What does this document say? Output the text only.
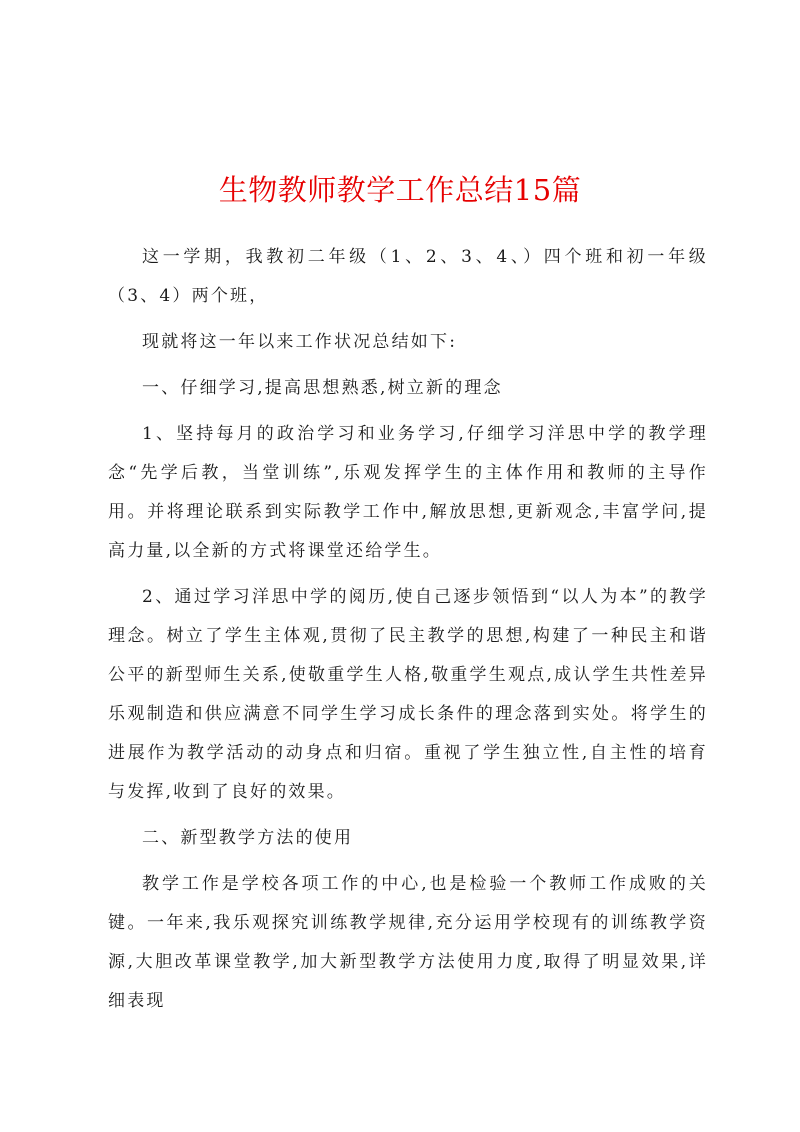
生物教师教学工作总结15篇

这一学期，我教初二年级（1、2、3、4、）四个班和初一年级（3、4）两个班，

现就将这一年以来工作状况总结如下:

一、仔细学习,提高思想熟悉,树立新的理念

1、坚持每月的政治学习和业务学习,仔细学习洋思中学的教学理念“先学后教，当堂训练”,乐观发挥学生的主体作用和教师的主导作用。并将理论联系到实际教学工作中,解放思想,更新观念,丰富学问,提高力量,以全新的方式将课堂还给学生。

2、通过学习洋思中学的阅历,使自己逐步领悟到“以人为本”的教学理念。树立了学生主体观,贯彻了民主教学的思想,构建了一种民主和谐公平的新型师生关系,使敬重学生人格,敬重学生观点,成认学生共性差异乐观制造和供应满意不同学生学习成长条件的理念落到实处。将学生的进展作为教学活动的动身点和归宿。重视了学生独立性,自主性的培育与发挥,收到了良好的效果。

二、新型教学方法的使用

教学工作是学校各项工作的中心,也是检验一个教师工作成败的关键。一年来,我乐观探究训练教学规律,充分运用学校现有的训练教学资源,大胆改革课堂教学,加大新型教学方法使用力度,取得了明显效果,详细表现
